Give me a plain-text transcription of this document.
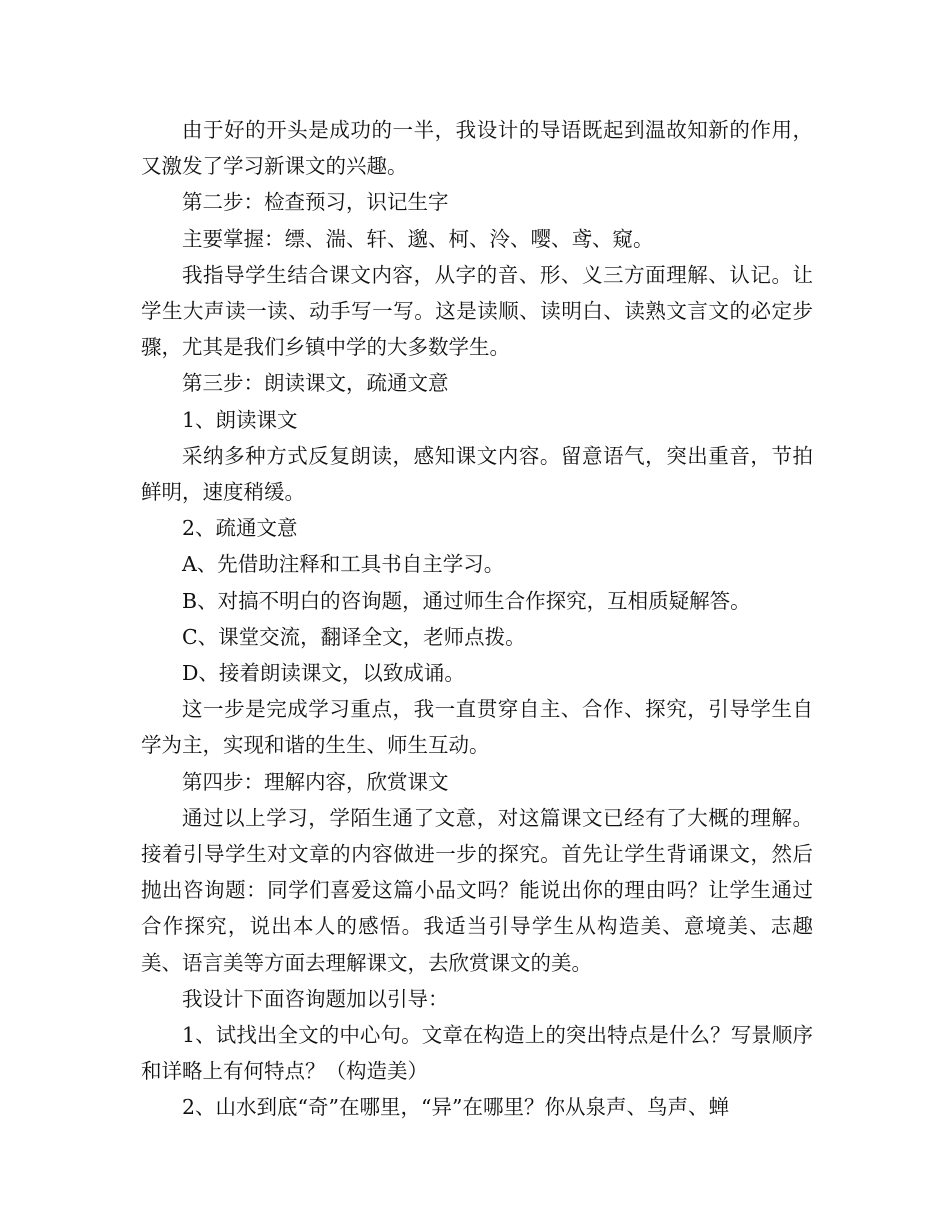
由于好的开头是成功的一半，我设计的导语既起到温故知新的作用，又激发了学习新课文的兴趣。

第二步：检查预习，识记生字

主要掌握：缥、湍、轩、邈、柯、泠、嘤、鸢、窥。

我指导学生结合课文内容，从字的音、形、义三方面理解、认记。让学生大声读一读、动手写一写。这是读顺、读明白、读熟文言文的必定步骤，尤其是我们乡镇中学的大多数学生。

第三步：朗读课文，疏通文意

1、朗读课文

采纳多种方式反复朗读，感知课文内容。留意语气，突出重音，节拍鲜明，速度稍缓。

2、疏通文意

A、先借助注释和工具书自主学习。

B、对搞不明白的咨询题，通过师生合作探究，互相质疑解答。

C、课堂交流，翻译全文，老师点拨。

D、接着朗读课文，以致成诵。

这一步是完成学习重点，我一直贯穿自主、合作、探究，引导学生自学为主，实现和谐的生生、师生互动。

第四步：理解内容，欣赏课文

通过以上学习，学陌生通了文意，对这篇课文已经有了大概的理解。接着引导学生对文章的内容做进一步的探究。首先让学生背诵课文，然后抛出咨询题：同学们喜爱这篇小品文吗？能说出你的理由吗？让学生通过合作探究，说出本人的感悟。我适当引导学生从构造美、意境美、志趣美、语言美等方面去理解课文，去欣赏课文的美。

我设计下面咨询题加以引导：

1、试找出全文的中心句。文章在构造上的突出特点是什么？写景顺序和详略上有何特点？（构造美）

2、山水到底“奇”在哪里，“异”在哪里？你从泉声、鸟声、蝉
